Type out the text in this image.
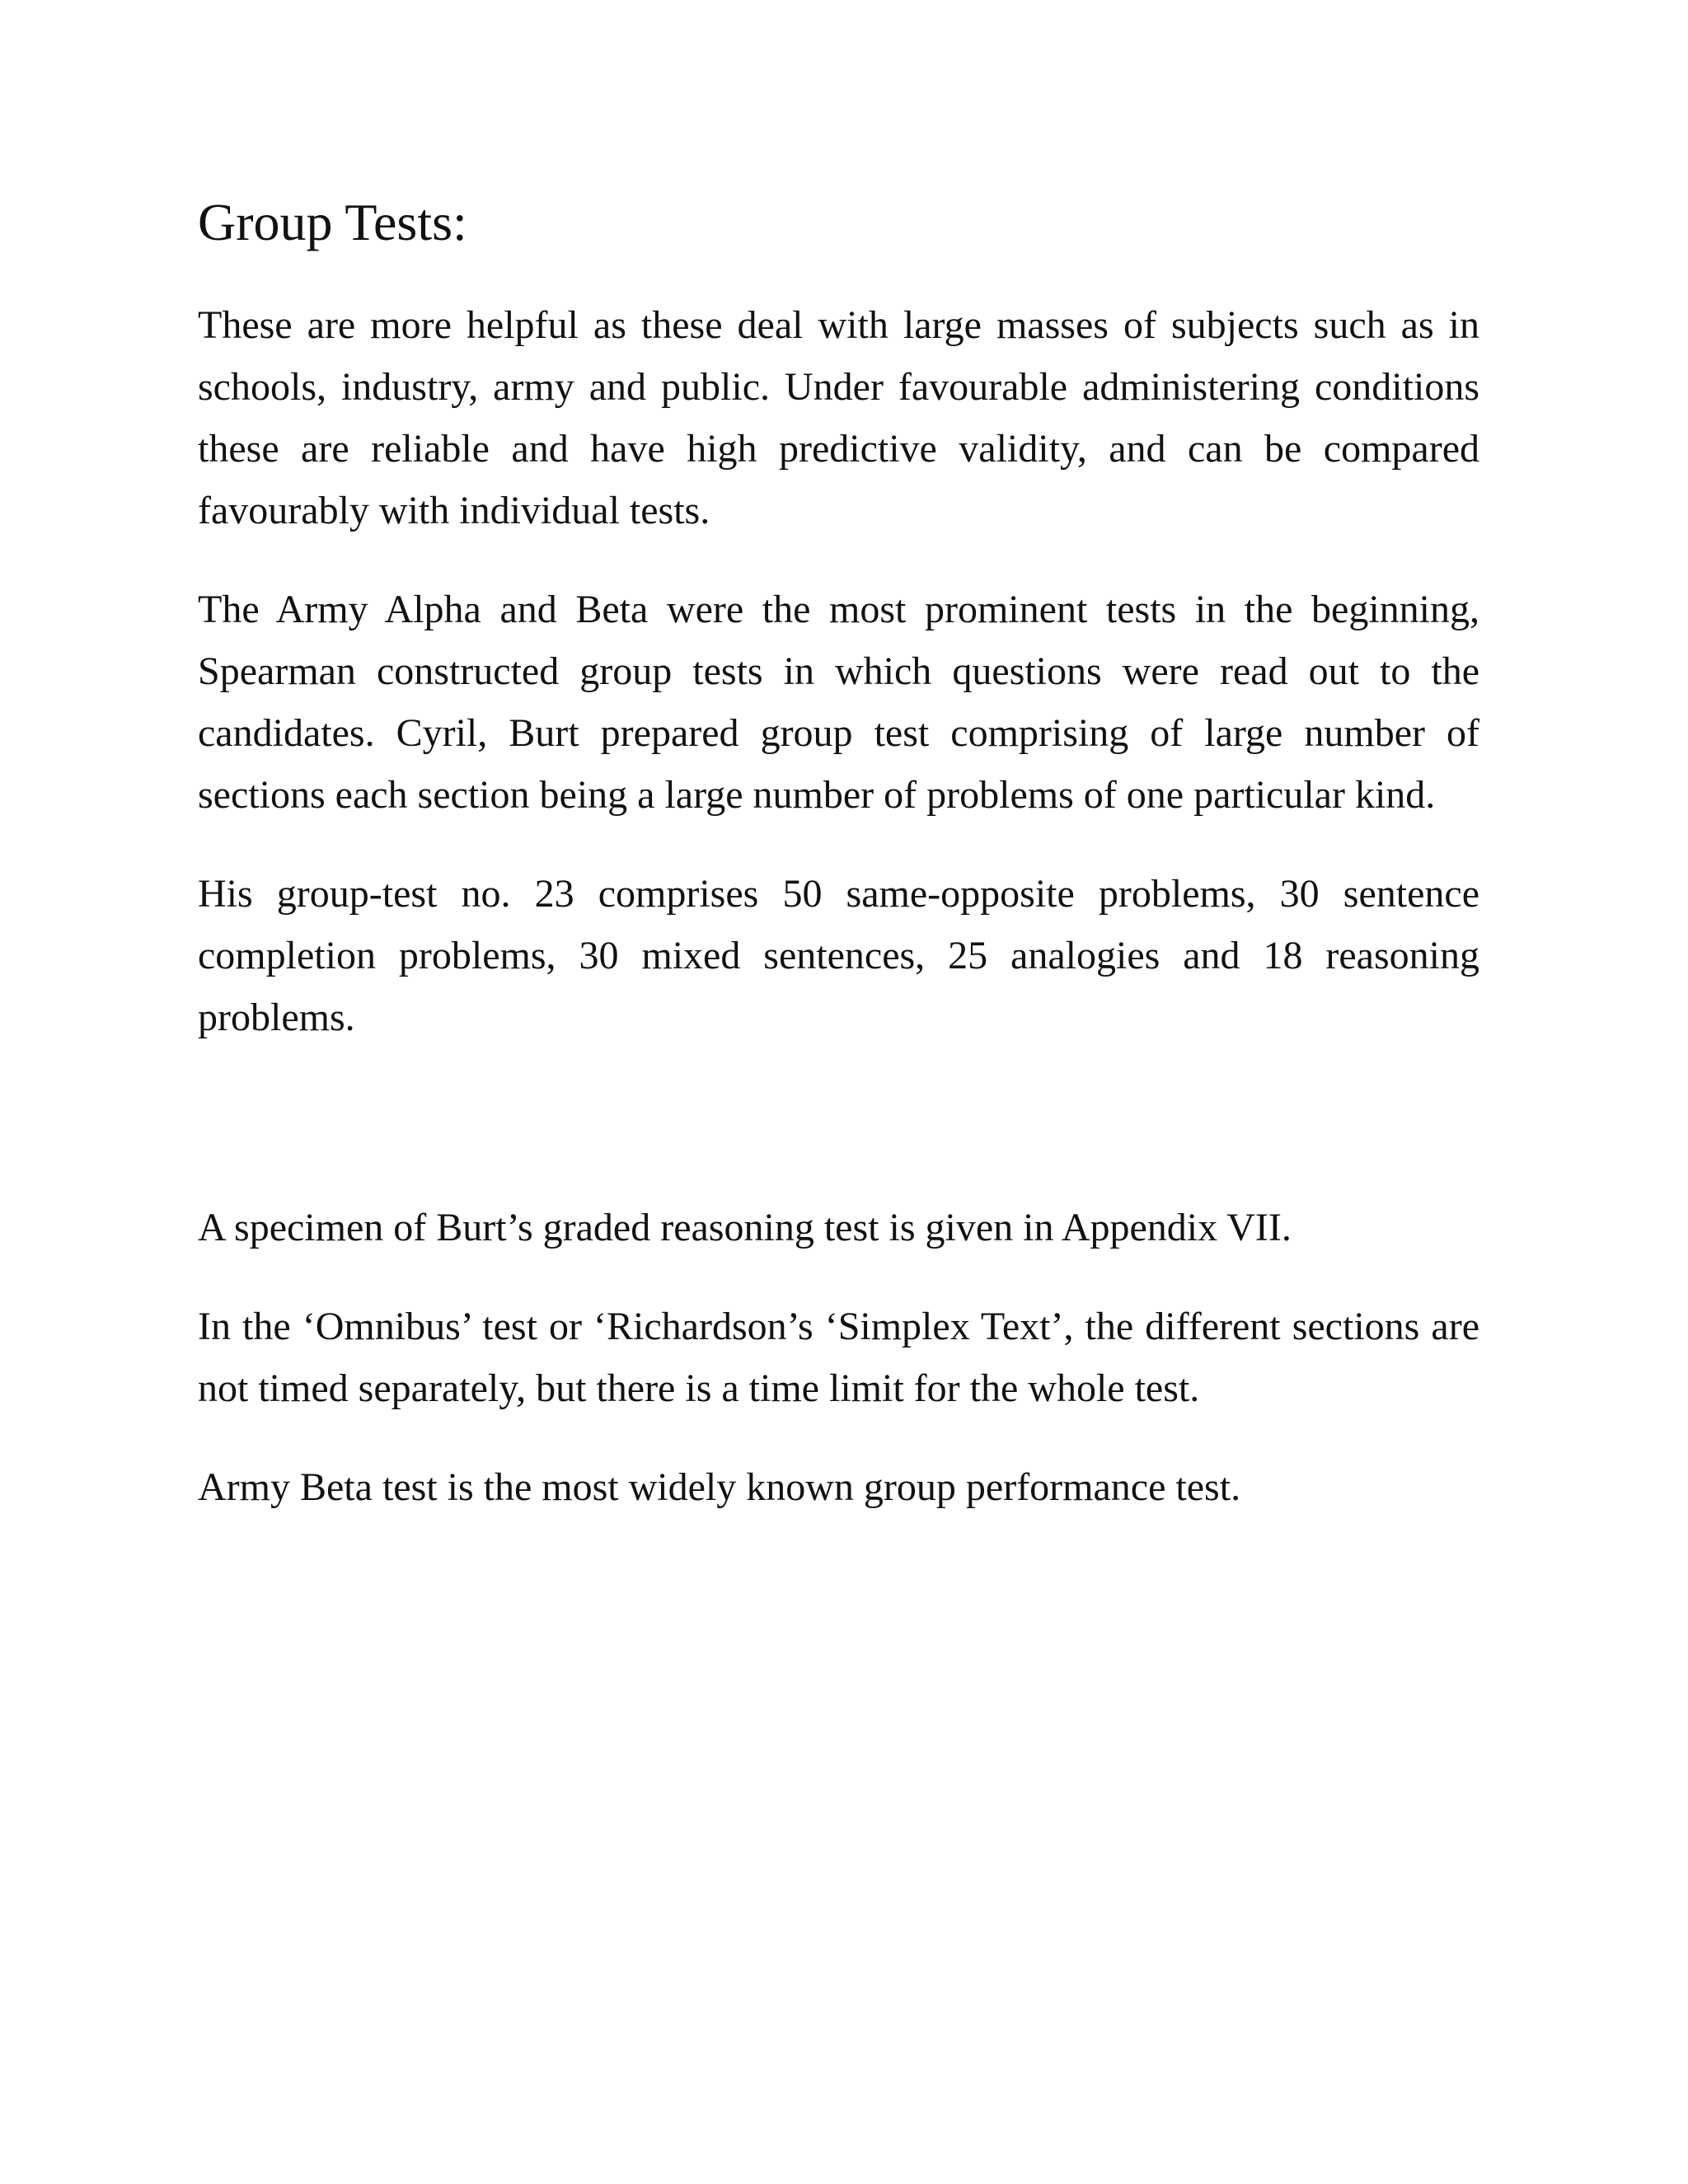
Group Tests:

These are more helpful as these deal with large masses of subjects such as in schools, industry, army and public. Under favourable administering conditions these are reliable and have high predictive validity, and can be compared favourably with individual tests.

The Army Alpha and Beta were the most prominent tests in the beginning, Spearman constructed group tests in which questions were read out to the candidates. Cyril, Burt prepared group test comprising of large number of sections each section being a large number of problems of one particular kind.

His group-test no. 23 comprises 50 same-opposite problems, 30 sentence completion problems, 30 mixed sentences, 25 analogies and 18 reasoning problems.

A specimen of Burt’s graded reasoning test is given in Appendix VII.

In the ‘Omnibus’ test or ‘Richardson’s ‘Simplex Text’, the different sections are not timed separately, but there is a time limit for the whole test.

Army Beta test is the most widely known group performance test.
